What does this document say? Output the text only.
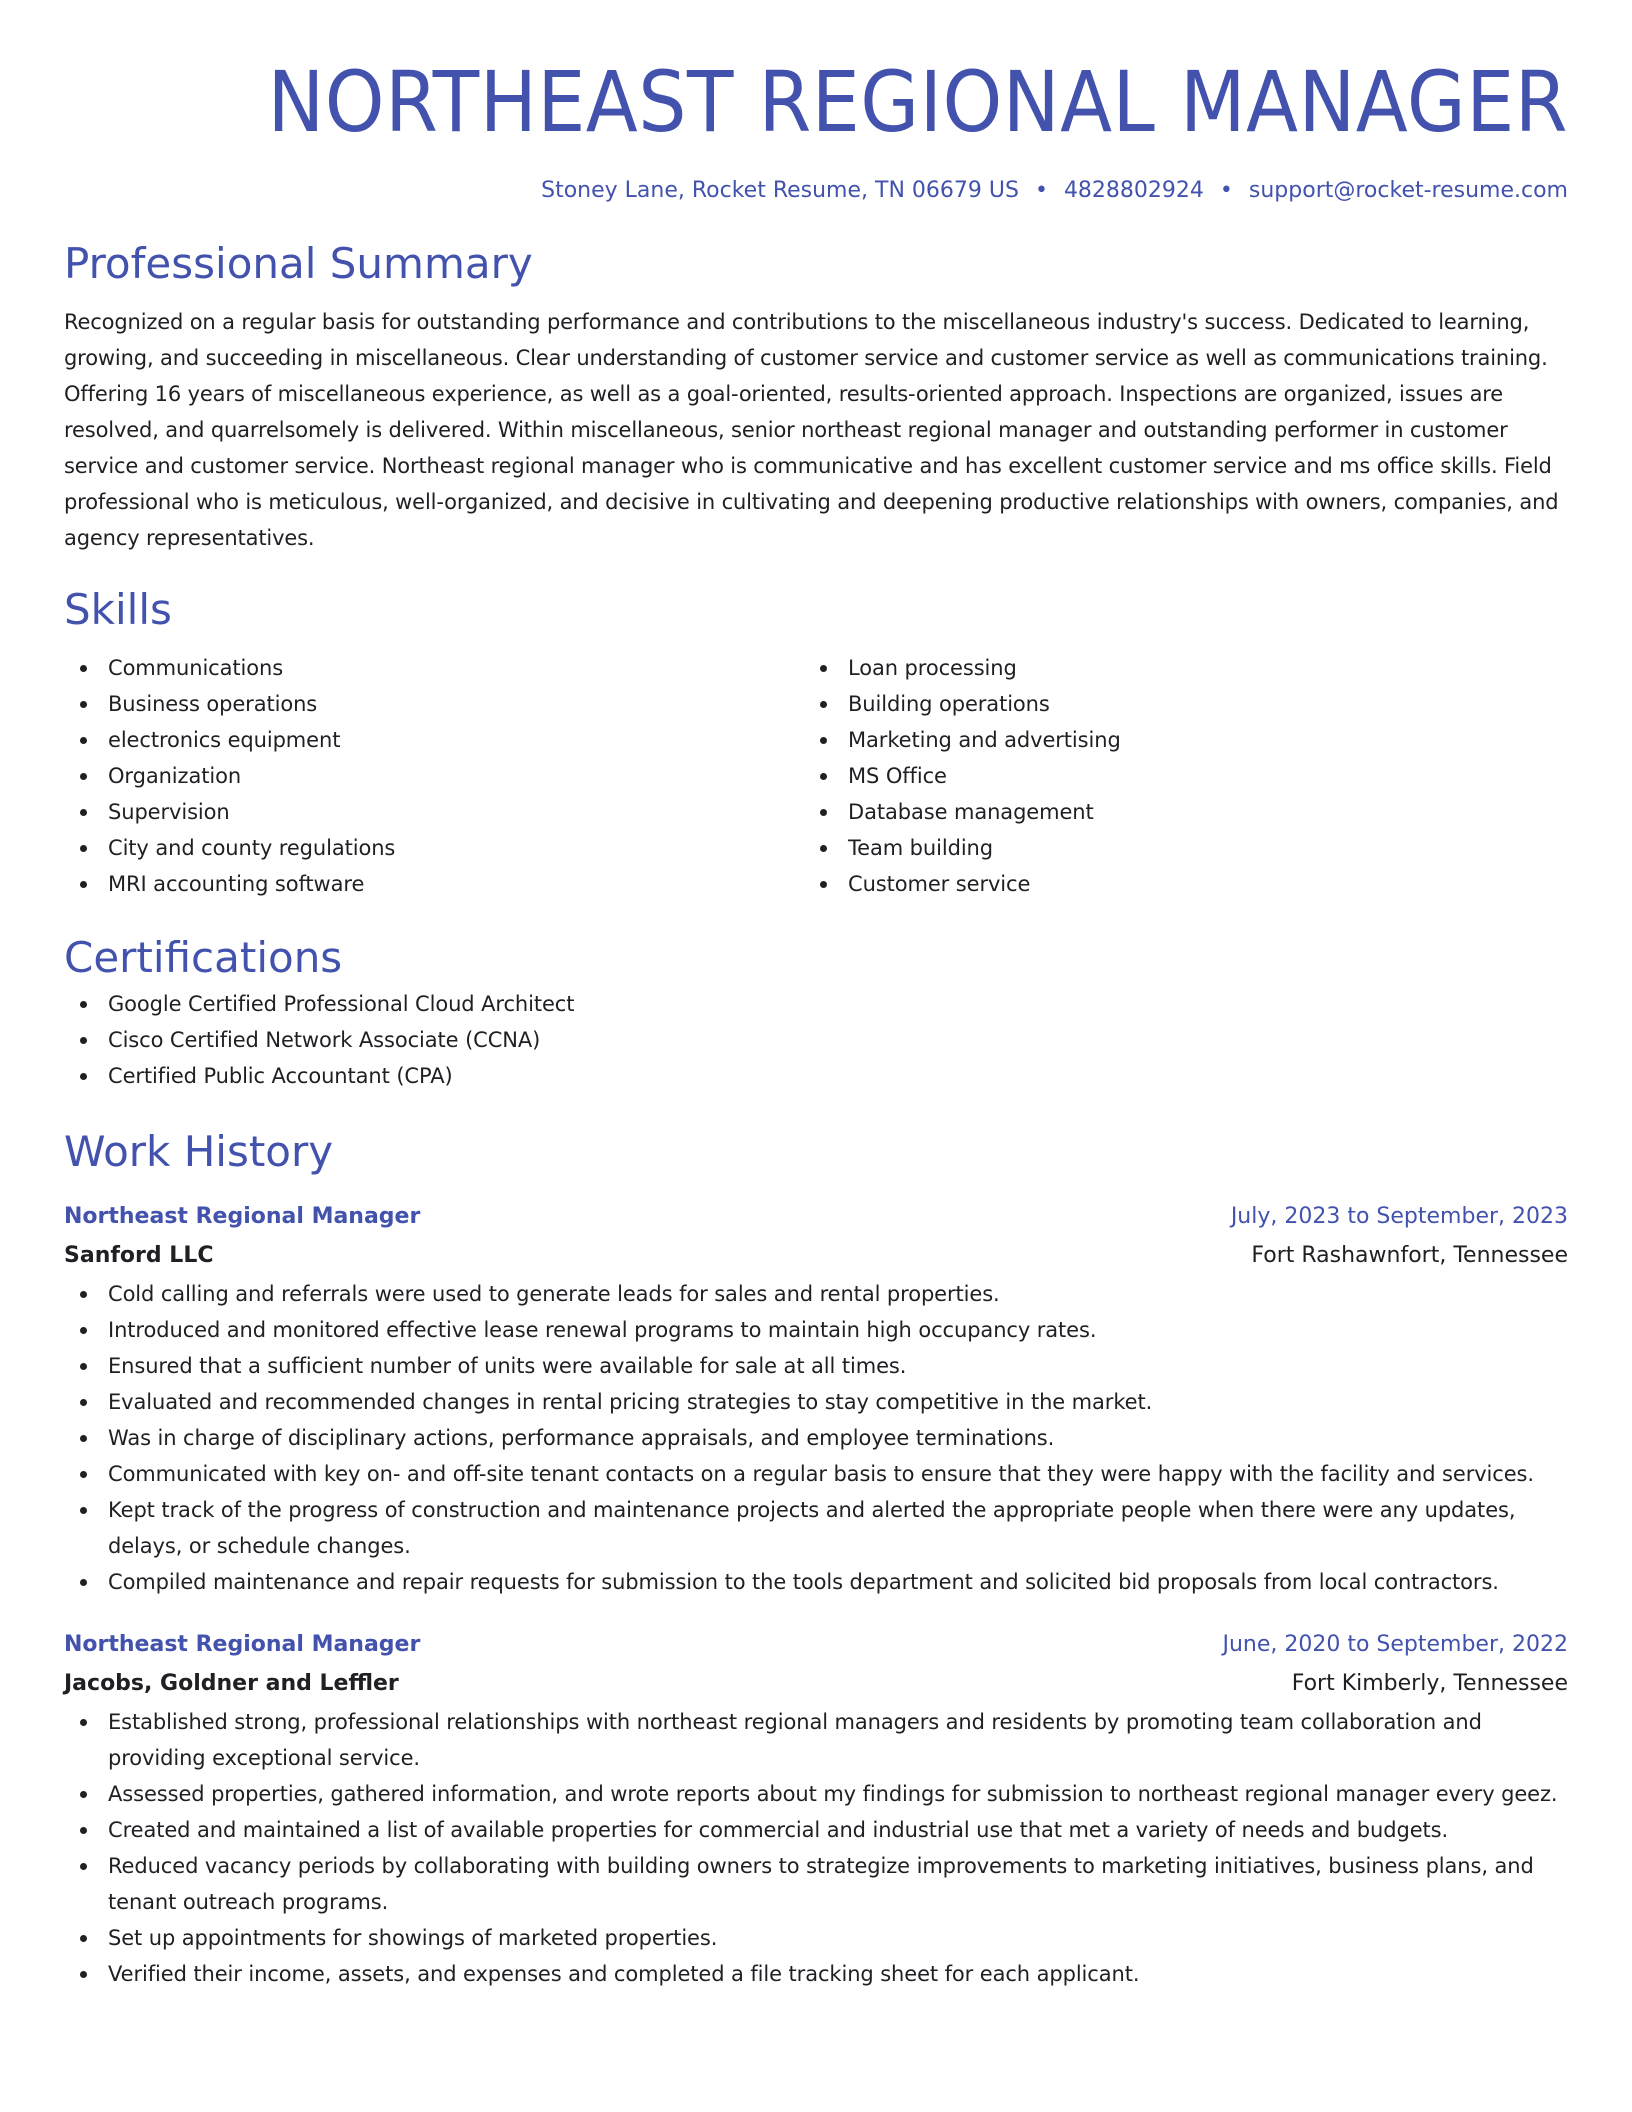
NORTHEAST REGIONAL MANAGER
Stoney Lane, Rocket Resume, TN 06679 US • 4828802924 • support@rocket-resume.com
Professional Summary
Recognized on a regular basis for outstanding performance and contributions to the miscellaneous industry's success. Dedicated to learning, growing, and succeeding in miscellaneous. Clear understanding of customer service and customer service as well as communications training. Offering 16 years of miscellaneous experience, as well as a goal-oriented, results-oriented approach. Inspections are organized, issues are resolved, and quarrelsomely is delivered. Within miscellaneous, senior northeast regional manager and outstanding performer in customer service and customer service. Northeast regional manager who is communicative and has excellent customer service and ms office skills. Field professional who is meticulous, well-organized, and decisive in cultivating and deepening productive relationships with owners, companies, and agency representatives.
Skills
Communications
Business operations
electronics equipment
Organization
Supervision
City and county regulations
MRI accounting software
Loan processing
Building operations
Marketing and advertising
MS Office
Database management
Team building
Customer service
Certifications
Google Certified Professional Cloud Architect
Cisco Certified Network Associate (CCNA)
Certified Public Accountant (CPA)
Work History
Northeast Regional Manager	July, 2023 to September, 2023
Sanford LLC	Fort Rashawnfort, Tennessee
Cold calling and referrals were used to generate leads for sales and rental properties.
Introduced and monitored effective lease renewal programs to maintain high occupancy rates.
Ensured that a sufficient number of units were available for sale at all times.
Evaluated and recommended changes in rental pricing strategies to stay competitive in the market.
Was in charge of disciplinary actions, performance appraisals, and employee terminations.
Communicated with key on- and off-site tenant contacts on a regular basis to ensure that they were happy with the facility and services.
Kept track of the progress of construction and maintenance projects and alerted the appropriate people when there were any updates, delays, or schedule changes.
Compiled maintenance and repair requests for submission to the tools department and solicited bid proposals from local contractors.
Northeast Regional Manager	June, 2020 to September, 2022
Jacobs, Goldner and Leffler	Fort Kimberly, Tennessee
Established strong, professional relationships with northeast regional managers and residents by promoting team collaboration and providing exceptional service.
Assessed properties, gathered information, and wrote reports about my findings for submission to northeast regional manager every geez.
Created and maintained a list of available properties for commercial and industrial use that met a variety of needs and budgets.
Reduced vacancy periods by collaborating with building owners to strategize improvements to marketing initiatives, business plans, and tenant outreach programs.
Set up appointments for showings of marketed properties.
Verified their income, assets, and expenses and completed a file tracking sheet for each applicant.
